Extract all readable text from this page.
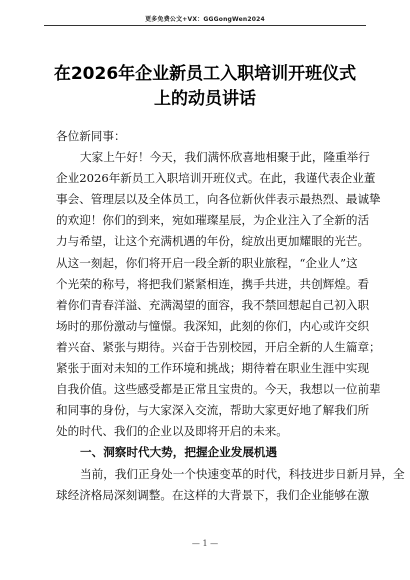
更多免费公文+VX：GGGongWen2024
在2026年企业新员工入职培训开班仪式
上的动员讲话
各位新同事：
大家上午好！今天，我们满怀欣喜地相聚于此，隆重举行
企业2026年新员工入职培训开班仪式。在此，我谨代表企业董
事会、管理层以及全体员工，向各位新伙伴表示最热烈、最诚挚
的欢迎！你们的到来，宛如璀璨星辰，为企业注入了全新的活
力与希望，让这个充满机遇的年份，绽放出更加耀眼的光芒。
从这一刻起，你们将开启一段全新的职业旅程，“企业人”这
个光荣的称号，将把我们紧紧相连，携手共进，共创辉煌。看
着你们青春洋溢、充满渴望的面容，我不禁回想起自己初入职
场时的那份激动与憧憬。我深知，此刻的你们，内心或许交织
着兴奋、紧张与期待。兴奋于告别校园，开启全新的人生篇章；
紧张于面对未知的工作环境和挑战；期待着在职业生涯中实现
自我价值。这些感受都是正常且宝贵的。今天，我想以一位前辈
和同事的身份，与大家深入交流，帮助大家更好地了解我们所
处的时代、我们的企业以及即将开启的未来。
一、洞察时代大势，把握企业发展机遇
当前，我们正身处一个快速变革的时代，科技进步日新月异，全
球经济格局深刻调整。在这样的大背景下，我们企业能够在激
— 1 —
